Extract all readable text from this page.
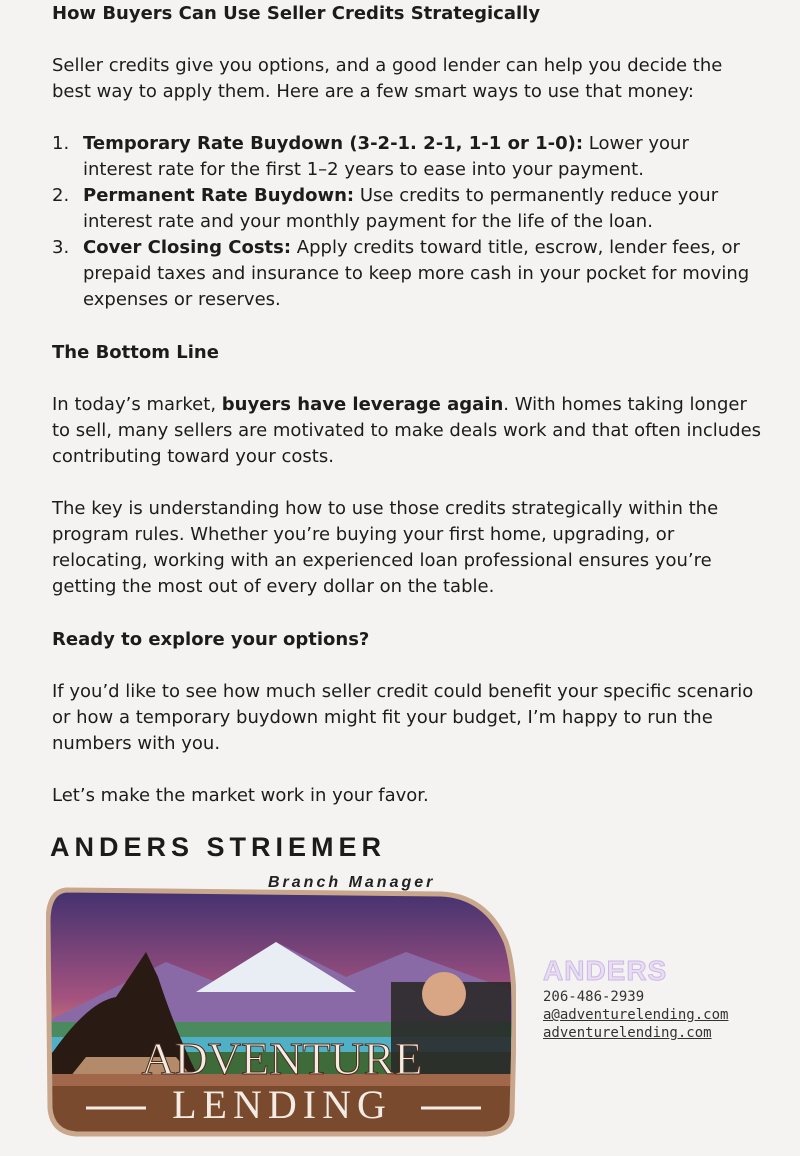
How Buyers Can Use Seller Credits Strategically

Seller credits give you options, and a good lender can help you decide the best way to apply them. Here are a few smart ways to use that money:

1. Temporary Rate Buydown (3-2-1. 2-1, 1-1 or 1-0): Lower your interest rate for the first 1–2 years to ease into your payment.
2. Permanent Rate Buydown: Use credits to permanently reduce your interest rate and your monthly payment for the life of the loan.
3. Cover Closing Costs: Apply credits toward title, escrow, lender fees, or prepaid taxes and insurance to keep more cash in your pocket for moving expenses or reserves.

The Bottom Line

In today’s market, buyers have leverage again. With homes taking longer to sell, many sellers are motivated to make deals work and that often includes contributing toward your costs.

The key is understanding how to use those credits strategically within the program rules. Whether you’re buying your first home, upgrading, or relocating, working with an experienced loan professional ensures you’re getting the most out of every dollar on the table.

Ready to explore your options?

If you’d like to see how much seller credit could benefit your specific scenario or how a temporary buydown might fit your budget, I’m happy to run the numbers with you.

Let’s make the market work in your favor.

ANDERS STRIEMER
Branch Manager
ADVENTURE
LENDING
ANDERS
206-486-2939
a@adventurelending.com
adventurelending.com
